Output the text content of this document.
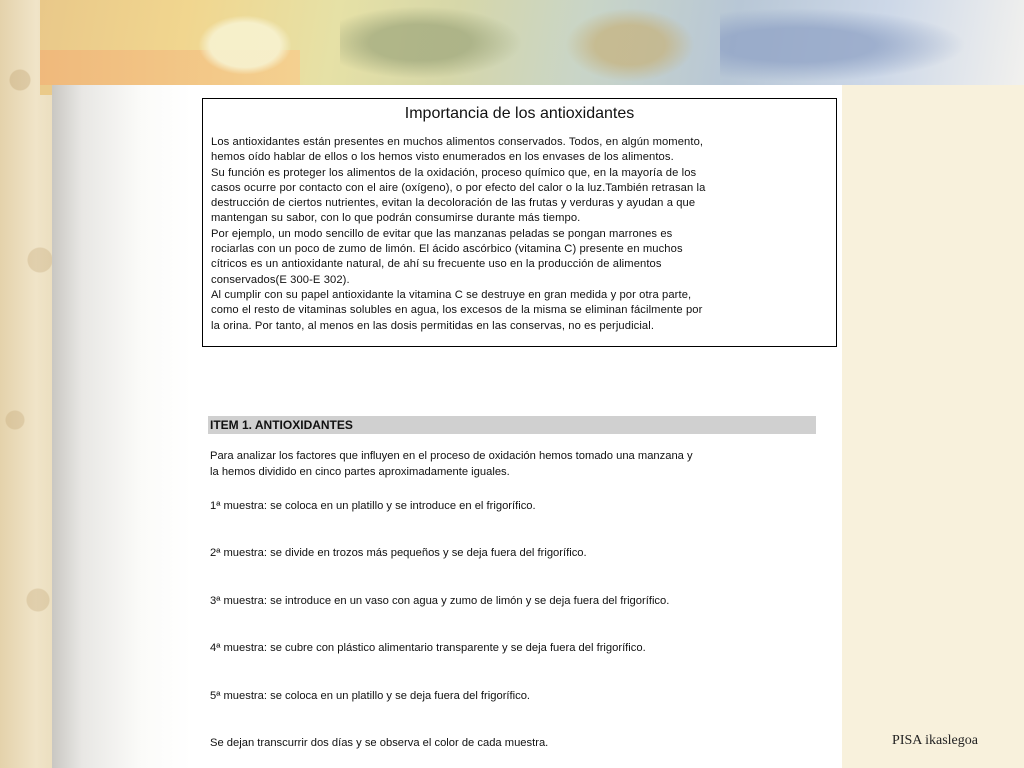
Importancia de los antioxidantes
Los antioxidantes están presentes en muchos alimentos conservados. Todos, en algún momento,
hemos oído hablar de ellos o los hemos visto enumerados en los envases de los alimentos.
Su función es proteger los alimentos de la oxidación, proceso químico que, en la mayoría de los
casos ocurre por contacto con el aire (oxígeno), o por efecto del calor o la luz.También retrasan la
destrucción de ciertos nutrientes, evitan la decoloración de las frutas y verduras y ayudan a que
mantengan su sabor, con lo que podrán consumirse durante más tiempo.
Por ejemplo, un modo sencillo de evitar que las manzanas peladas se pongan marrones es
rociarlas con un poco de zumo de limón. El ácido ascórbico (vitamina C) presente en muchos
cítricos es un antioxidante natural, de ahí su frecuente uso en la producción de alimentos
conservados(E 300-E 302).
Al cumplir con su papel antioxidante la vitamina C se destruye en gran medida y por otra parte,
como el resto de vitaminas solubles en agua, los excesos de la misma se eliminan fácilmente por
la orina. Por tanto, al menos en las dosis permitidas en las conservas, no es perjudicial.
ITEM 1. ANTIOXIDANTES
Para analizar los factores que influyen en el proceso de oxidación hemos tomado una manzana y
la hemos dividido en cinco partes aproximadamente iguales.
1ª muestra: se coloca en un platillo y se introduce en el frigorífico.
2ª muestra: se divide en trozos más pequeños y se deja fuera del frigorífico.
3ª muestra: se introduce en un vaso con agua y zumo de limón y se deja fuera del frigorífico.
4ª muestra: se cubre con plástico alimentario transparente y se deja fuera del frigorífico.
5ª muestra: se coloca en un platillo y se deja fuera del frigorífico.
Se dejan transcurrir dos días y se observa el color de cada muestra.	PISA ikaslegoa
